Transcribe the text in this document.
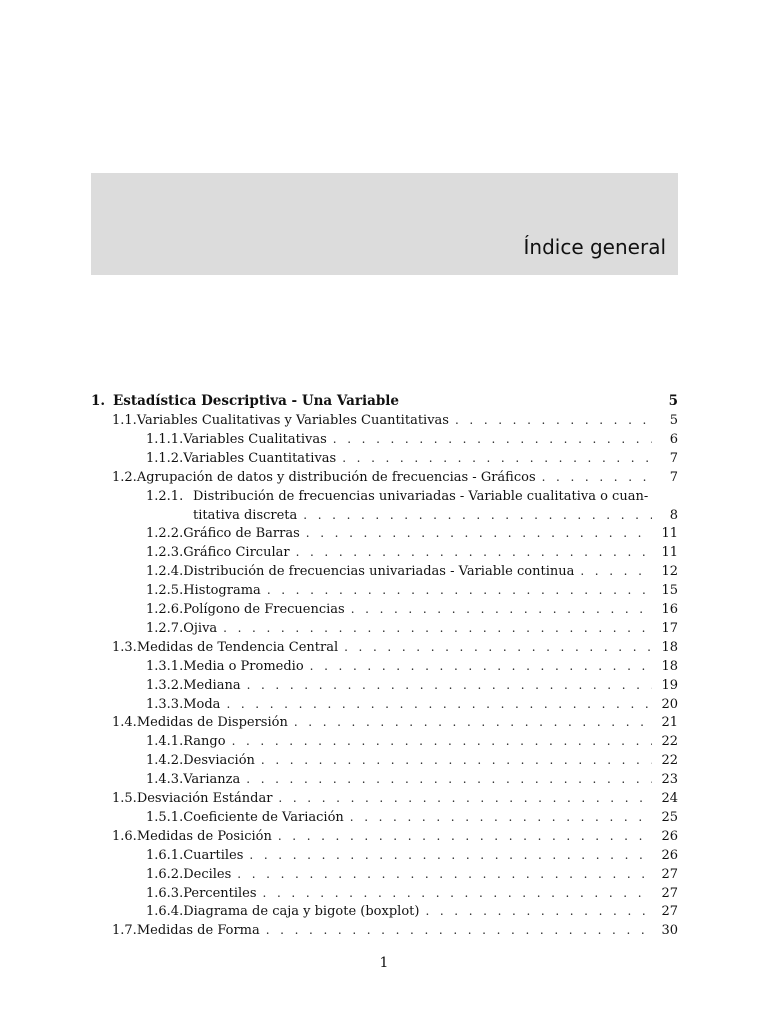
Índice general
1. Estadística Descriptiva - Una Variable	5
1.1. Variables Cualitativas y Variables Cuantitativas . . .	5
1.1.1. Variables Cualitativas . . .	6
1.1.2. Variables Cuantitativas . . .	7
1.2. Agrupación de datos y distribución de frecuencias - Gráficos . . .	7
1.2.1. Distribución de frecuencias univariadas - Variable cualitativa o cuan-
titativa discreta . . .	8
1.2.2. Gráfico de Barras . . .	11
1.2.3. Gráfico Circular . . .	11
1.2.4. Distribución de frecuencias univariadas - Variable continua . . .	12
1.2.5. Histograma . . .	15
1.2.6. Polígono de Frecuencias . . .	16
1.2.7. Ojiva . . .	17
1.3. Medidas de Tendencia Central . . .	18
1.3.1. Media o Promedio . . .	18
1.3.2. Mediana . . .	19
1.3.3. Moda . . .	20
1.4. Medidas de Dispersión . . .	21
1.4.1. Rango . . .	22
1.4.2. Desviación . . .	22
1.4.3. Varianza . . .	23
1.5. Desviación Estándar . . .	24
1.5.1. Coeficiente de Variación . . .	25
1.6. Medidas de Posición . . .	26
1.6.1. Cuartiles . . .	26
1.6.2. Deciles . . .	27
1.6.3. Percentiles . . .	27
1.6.4. Diagrama de caja y bigote (boxplot) . . .	27
1.7. Medidas de Forma . . .	30
1
